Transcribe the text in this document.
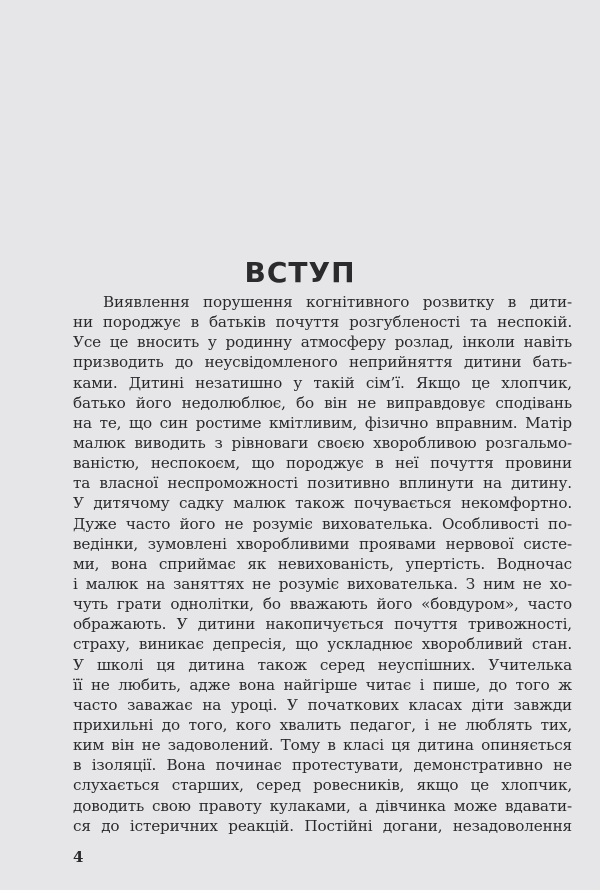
ВСТУП
Виявлення порушення когнітивного розвитку в дити-
ни породжує в батьків почуття розгубленості та неспокій.
Усе це вносить у родинну атмосферу розлад, інколи навіть
призводить до неусвідомленого неприйняття дитини бать-
ками. Дитині незатишно у такій сім’ї. Якщо це хлопчик,
батько його недолюблює, бо він не виправдовує сподівань
на те, що син ростиме кмітливим, фізично вправним. Матір
малюк виводить з рівноваги своєю хворобливою розгальмо-
ваністю, неспокоєм, що породжує в неї почуття провини
та власної неспроможності позитивно вплинути на дитину.
У дитячому садку малюк також почувається некомфортно.
Дуже часто його не розуміє вихователька. Особливості по-
ведінки, зумовлені хворобливими проявами нервової систе-
ми, вона сприймає як невихованість, упертість. Водночас
і малюк на заняттях не розуміє вихователька. З ним не хо-
чуть грати однолітки, бо вважають його «бовдуром», часто
ображають. У дитини накопичується почуття тривожності,
страху, виникає депресія, що ускладнює хворобливий стан.
У школі ця дитина також серед неуспішних. Учителька
її не любить, адже вона найгірше читає і пише, до того ж
часто заважає на уроці. У початкових класах діти завжди
прихильні до того, кого хвалить педагог, і не люблять тих,
ким він не задоволений. Тому в класі ця дитина опиняється
в ізоляції. Вона починає протестувати, демонстративно не
слухається старших, серед ровесників, якщо це хлопчик,
доводить свою правоту кулаками, а дівчинка може вдавати-
ся до істеричних реакцій. Постійні догани, незадоволення
4
